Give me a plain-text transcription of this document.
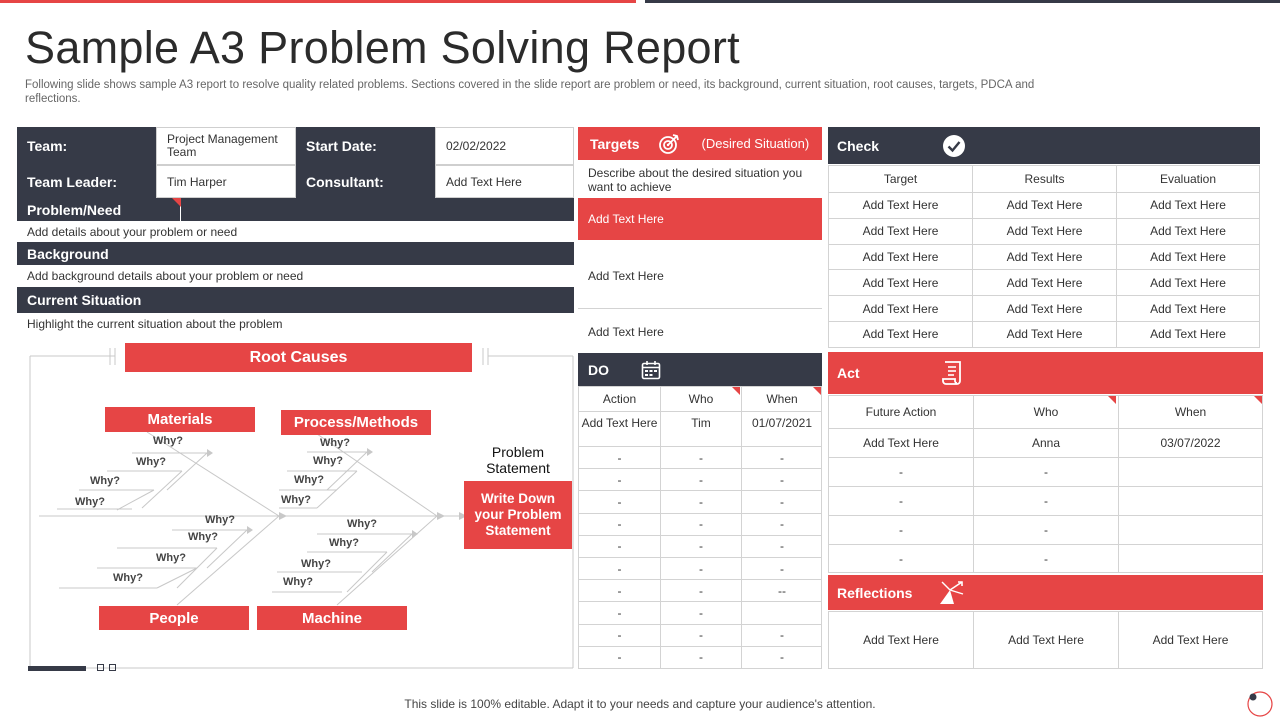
Sample A3 Problem Solving Report
Following slide shows sample A3 report to resolve quality related problems. Sections covered in the slide report are problem or need, its background, current situation, root causes, targets, PDCA and reflections.
Team:	Project Management Team	Start Date:	02/02/2022
Team Leader:	Tim Harper	Consultant:	Add Text Here
Problem/Need
Add details about your problem or need
Background
Add background details about your problem or need
Current Situation
Highlight the current situation about the problem
Root Causes
Materials	Process/Methods
People	Machine
Why?
Why?
Why?
Why?
Why?
Why?
Why?
Why?
Why?
Why?
Why?
Why?
Why?
Why?
Why?
Why?
Problem Statement
Write Down your Problem Statement
Targets	(Desired Situation)
Describe about the desired situation you want to achieve
Add Text Here
Add Text Here
Add Text Here
DO
Action	Who	When
Add Text Here	Tim	01/07/2021
-	-	-
-	-	-
-	-	-
-	-	-
-	-	-
-	-	-
-	-	--
-	-
-	-	-
-	-	-
Check
Target	Results	Evaluation
Add Text Here	Add Text Here	Add Text Here
Add Text Here	Add Text Here	Add Text Here
Add Text Here	Add Text Here	Add Text Here
Add Text Here	Add Text Here	Add Text Here
Add Text Here	Add Text Here	Add Text Here
Add Text Here	Add Text Here	Add Text Here
Act
Future Action	Who	When
Add Text Here	Anna	03/07/2022
-	-
-	-
-	-
-	-
Reflections
Add Text Here	Add Text Here	Add Text Here
This slide is 100% editable. Adapt it to your needs and capture your audience's attention.
